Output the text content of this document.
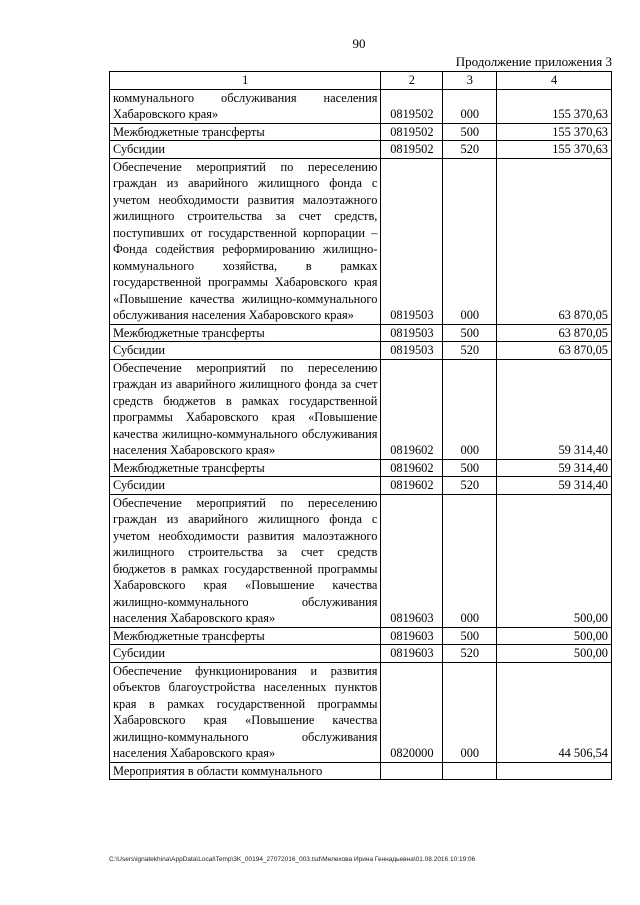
90
Продолжение приложения 3
1	2	3	4
коммунального обслуживания населения Хабаровского края»	0819502	000	155 370,63
Межбюджетные трансферты	0819502	500	155 370,63
Субсидии	0819502	520	155 370,63
Обеспечение мероприятий по переселению граждан из аварийного жилищного фонда с учетом необходимости развития малоэтажного жилищного строительства за счет средств, поступивших от государственной корпорации – Фонда содействия реформированию жилищно-коммунального хозяйства, в рамках государственной программы Хабаровского края «Повышение качества жилищно-коммунального обслуживания населения Хабаровского края»	0819503	000	63 870,05
Межбюджетные трансферты	0819503	500	63 870,05
Субсидии	0819503	520	63 870,05
Обеспечение мероприятий по переселению граждан из аварийного жилищного фонда за счет средств бюджетов в рамках государственной программы Хабаровского края «Повышение качества жилищно-коммунального обслуживания населения Хабаровского края»	0819602	000	59 314,40
Межбюджетные трансферты	0819602	500	59 314,40
Субсидии	0819602	520	59 314,40
Обеспечение мероприятий по переселению граждан из аварийного жилищного фонда с учетом необходимости развития малоэтажного жилищного строительства за счет средств бюджетов в рамках государственной программы Хабаровского края «Повышение качества жилищно-коммунального обслуживания населения Хабаровского края»	0819603	000	500,00
Межбюджетные трансферты	0819603	500	500,00
Субсидии	0819603	520	500,00
Обеспечение функционирования и развития объектов благоустройства населенных пунктов края в рамках государственной программы Хабаровского края «Повышение качества жилищно-коммунального обслуживания населения Хабаровского края»	0820000	000	44 506,54
Мероприятия в области коммунального			
C:\Users\ignatekhina\AppData\Local\Temp\3K_00194_27072016_003.tsd\Мелехова Ирина Геннадьевна\01.08.2016 10:19:06
